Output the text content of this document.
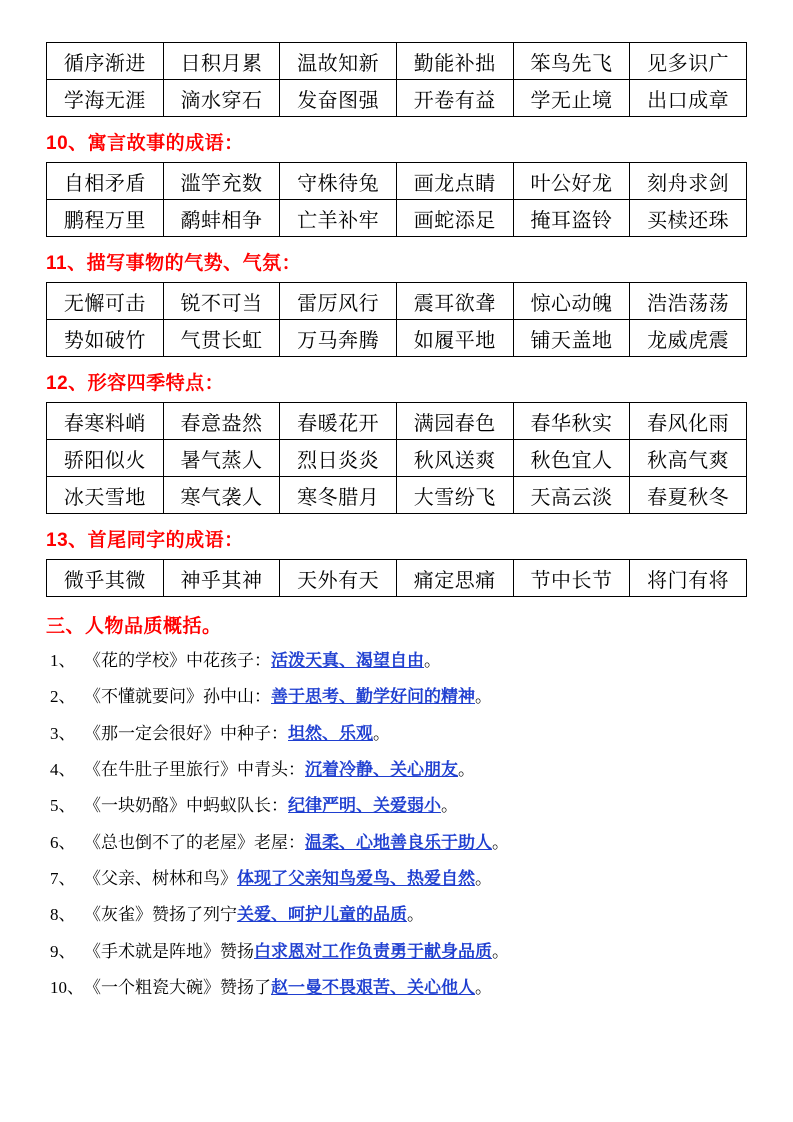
循序渐进	日积月累	温故知新	勤能补拙	笨鸟先飞	见多识广
学海无涯	滴水穿石	发奋图强	开卷有益	学无止境	出口成章
10、寓言故事的成语：
自相矛盾	滥竽充数	守株待兔	画龙点睛	叶公好龙	刻舟求剑
鹏程万里	鹬蚌相争	亡羊补牢	画蛇添足	掩耳盗铃	买椟还珠
11、描写事物的气势、气氛：
无懈可击	锐不可当	雷厉风行	震耳欲聋	惊心动魄	浩浩荡荡
势如破竹	气贯长虹	万马奔腾	如履平地	铺天盖地	龙威虎震
12、形容四季特点：
春寒料峭	春意盎然	春暖花开	满园春色	春华秋实	春风化雨
骄阳似火	暑气蒸人	烈日炎炎	秋风送爽	秋色宜人	秋高气爽
冰天雪地	寒气袭人	寒冬腊月	大雪纷飞	天高云淡	春夏秋冬
13、首尾同字的成语：
微乎其微	神乎其神	天外有天	痛定思痛	节中长节	将门有将
三、人物品质概括。
1、 《花的学校》中花孩子：活泼天真、渴望自由。
2、 《不懂就要问》孙中山：善于思考、勤学好问的精神。
3、 《那一定会很好》中种子：坦然、乐观。
4、 《在牛肚子里旅行》中青头：沉着冷静、关心朋友。
5、 《一块奶酪》中蚂蚁队长：纪律严明、关爱弱小。
6、 《总也倒不了的老屋》老屋：温柔、心地善良乐于助人。
7、 《父亲、树林和鸟》体现了父亲知鸟爱鸟、热爱自然。
8、 《灰雀》赞扬了列宁关爱、呵护儿童的品质。
9、 《手术就是阵地》赞扬白求恩对工作负责勇于献身品质。
10、《一个粗瓷大碗》赞扬了赵一曼不畏艰苦、关心他人。
